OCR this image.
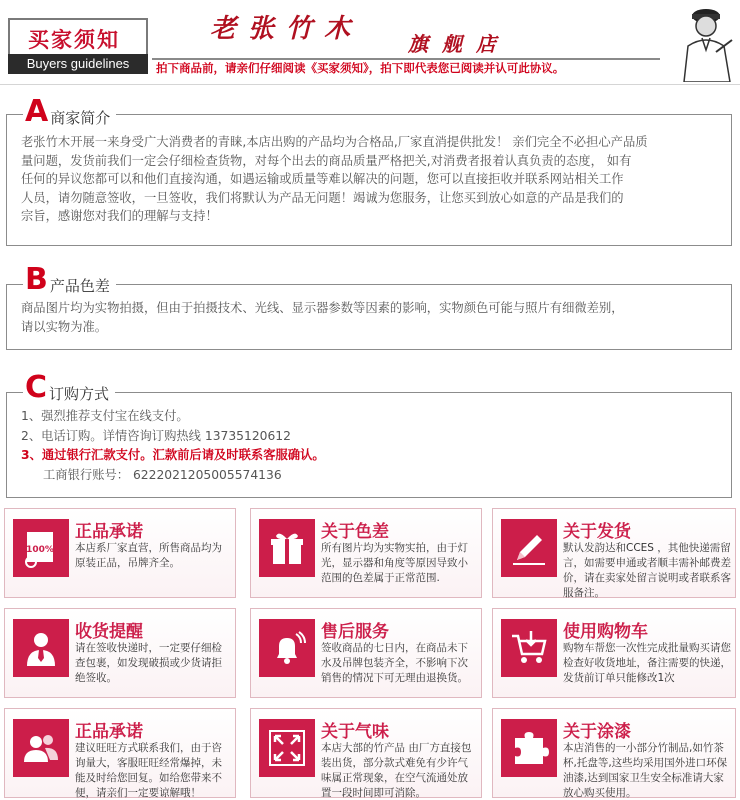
买家须知
Buyers guidelines
老张竹木 旗舰店
拍下商品前，请亲们仔细阅读《买家须知》，拍下即代表您已阅读并认可此协议。
A 商家简介

老张竹木开展一来身受广大消费者的青睐,本店出购的产品均为合格品,厂家直消提供批发！ 亲们完全不必担心产品质

量问题，发货前我们一定会仔细检查货物，对每个出去的商品质量严格把关,对消费者报着认真负责的态度， 如有

任何的异议您都可以和他们直接沟通，如遇运输或质量等难以解决的问题，您可以直接拒收并联系网站相关工作

人员，请勿随意签收，一旦签收，我们将默认为产品无问题！竭诚为您服务，让您买到放心如意的产品是我们的

宗旨，感谢您对我们的理解与支持！

B 产品色差

商品图片均为实物拍摄，但由于拍摄技术、光线、显示器参数等因素的影响，实物颜色可能与照片有细微差别，

请以实物为准。

C 订购方式

1、强烈推荐支付宝在线支付。

2、电话订购。详情咨询订购热线 13735120612

3、通过银行汇款支付。汇款前后请及时联系客服确认。

工商银行账号： 6222021205005574136

100%
正品承诺
本店系厂家直营，所售商品均为原装正品，吊牌齐全。
关于色差
所有图片均为实物实拍，由于灯光，显示器和角度等原因导致小范围的色差属于正常范围.
关于发货
默认发韵达和CCES ，其他快递需留言，如需要申通或者顺丰需补邮费差价，请在卖家处留言说明或者联系客服备注。
收货提醒
请在签收快递时，一定要仔细检查包裹，如发现破损或少货请拒绝签收。
售后服务
签收商品的七日内，在商品未下水及吊牌包装齐全，不影响下次销售的情况下可无理由退换货。
使用购物车
购物车帮您一次性完成批量购买请您检查好收货地址，备注需要的快递，发货前订单只能修改1次
正品承诺
建议旺旺方式联系我们，由于咨询量大，客服旺旺经常爆掉，未能及时给您回复。如给您带来不便，请亲们一定要谅解哦！
关于气味
本店大部的竹产品 由厂方直接包装出货，部分款式难免有少许气味属正常现象，在空气流通处放置一段时间即可消除。
关于涂漆
本店消售的一小部分竹制品,如竹茶杯,托盘等,这些均采用国外进口环保油漆,达到国家卫生安全标准请大家放心购买使用。
